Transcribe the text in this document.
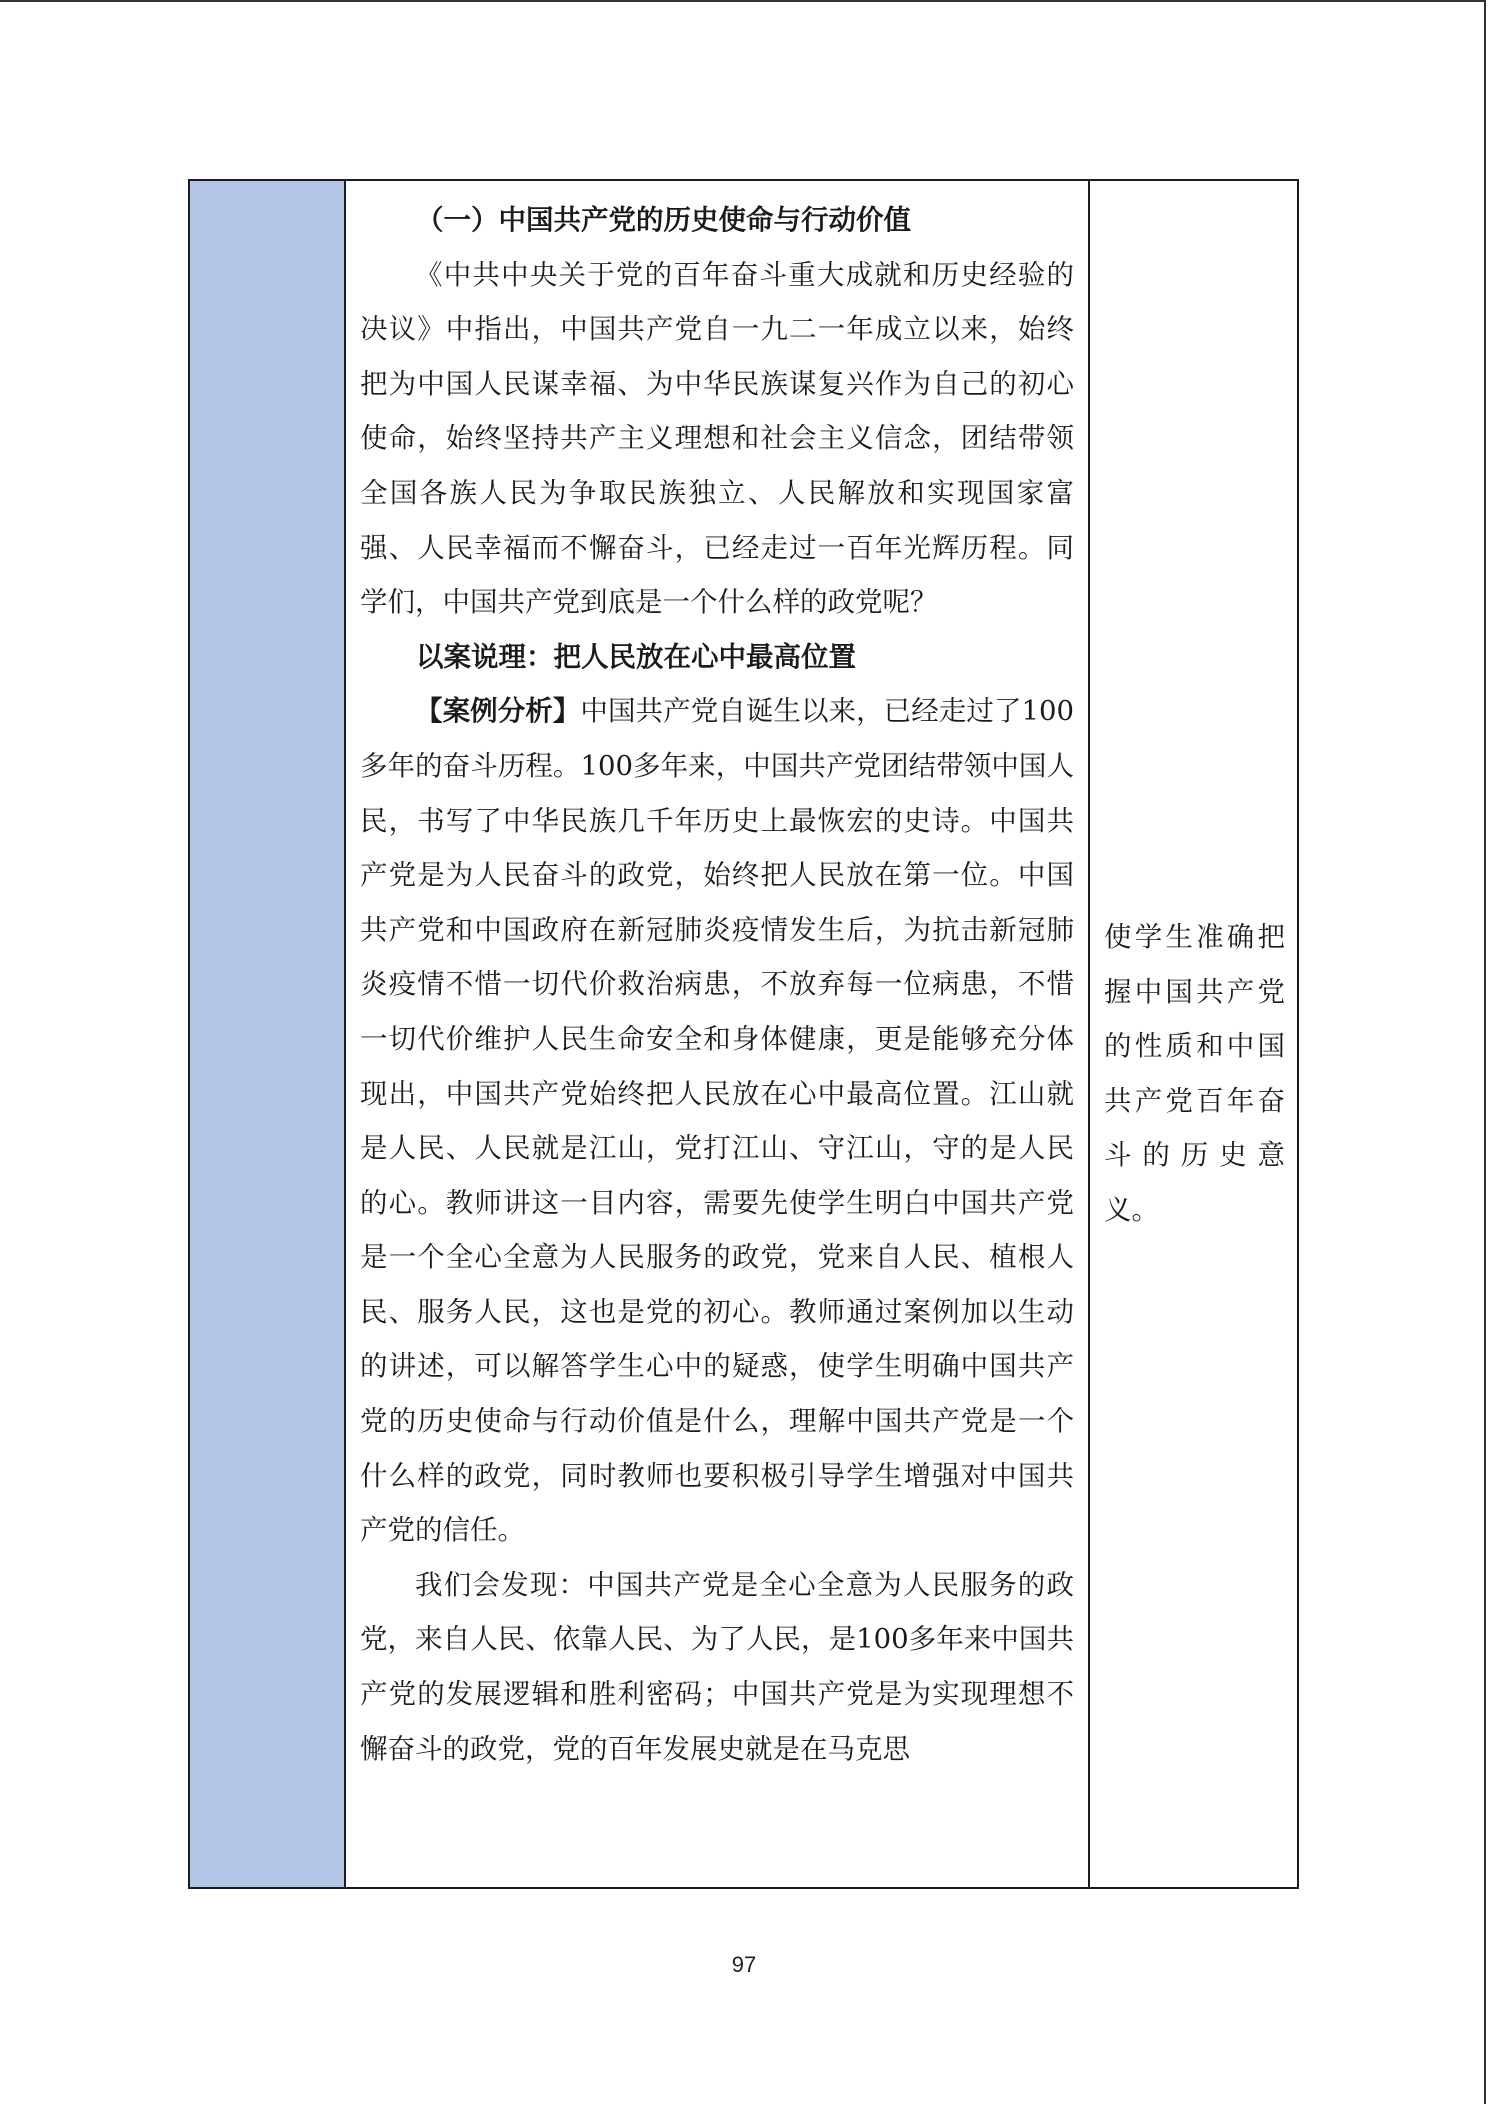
（一）中国共产党的历史使命与行动价值

《中共中央关于党的百年奋斗重大成就和历史经验的决议》中指出，中国共产党自一九二一年成立以来，始终把为中国人民谋幸福、为中华民族谋复兴作为自己的初心使命，始终坚持共产主义理想和社会主义信念，团结带领全国各族人民为争取民族独立、人民解放和实现国家富强、人民幸福而不懈奋斗，已经走过一百年光辉历程。同学们，中国共产党到底是一个什么样的政党呢？

以案说理：把人民放在心中最高位置

【案例分析】中国共产党自诞生以来，已经走过了100多年的奋斗历程。100多年来，中国共产党团结带领中国人民，书写了中华民族几千年历史上最恢宏的史诗。中国共产党是为人民奋斗的政党，始终把人民放在第一位。中国共产党和中国政府在新冠肺炎疫情发生后，为抗击新冠肺炎疫情不惜一切代价救治病患，不放弃每一位病患，不惜一切代价维护人民生命安全和身体健康，更是能够充分体现出，中国共产党始终把人民放在心中最高位置。江山就是人民、人民就是江山，党打江山、守江山，守的是人民的心。教师讲这一目内容，需要先使学生明白中国共产党是一个全心全意为人民服务的政党，党来自人民、植根人民、服务人民，这也是党的初心。教师通过案例加以生动的讲述，可以解答学生心中的疑惑，使学生明确中国共产党的历史使命与行动价值是什么，理解中国共产党是一个什么样的政党，同时教师也要积极引导学生增强对中国共产党的信任。

我们会发现：中国共产党是全心全意为人民服务的政党，来自人民、依靠人民、为了人民，是100多年来中国共产党的发展逻辑和胜利密码；中国共产党是为实现理想不懈奋斗的政党，党的百年发展史就是在马克思

使学生准确把握中国共产党的性质和中国共产党百年奋斗的历史意义。

97
